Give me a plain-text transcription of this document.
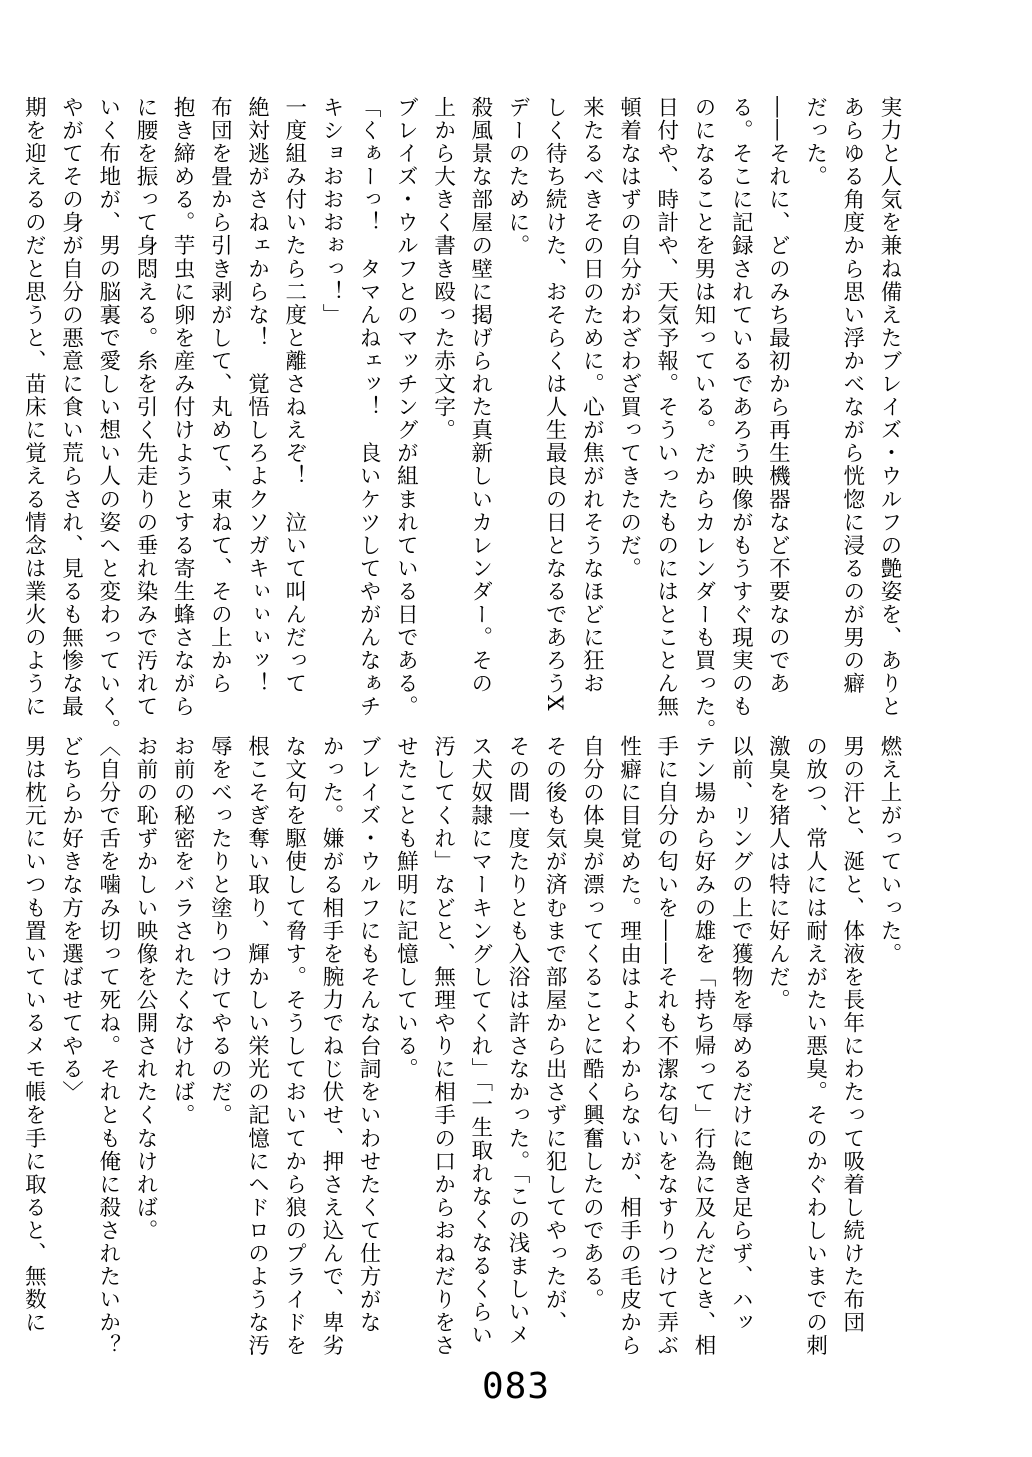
実力と人気を兼ね備えたブレイズ・ウルフの艶姿を、ありと
あらゆる角度から思い浮かべながら恍惚に浸るのが男の癖
だった。
――それに、どのみち最初から再生機器など不要なのであ
る。そこに記録されているであろう映像がもうすぐ現実のも
のになることを男は知っている。だからカレンダーも買った。
日付や、時計や、天気予報。そういったものにはとことん無
頓着なはずの自分がわざわざ買ってきたのだ。
来たるべきその日のために。心が焦がれそうなほどに狂お
しく待ち続けた、おそらくは人生最良の日となるであろうX
デーのために。
殺風景な部屋の壁に掲げられた真新しいカレンダー。その
上から大きく書き殴った赤文字。
ブレイズ・ウルフとのマッチングが組まれている日である。
「くぁーっ！　タマんねェッ！　良いケツしてやがんなぁチ
キショおおおぉっ！」
一度組み付いたら二度と離さねえぞ！　泣いて叫んだって
絶対逃がさねェからな！　覚悟しろよクソガキぃぃぃッ！
布団を畳から引き剥がして、丸めて、束ねて、その上から
抱き締める。芋虫に卵を産み付けようとする寄生蜂さながら
に腰を振って身悶える。糸を引く先走りの垂れ染みで汚れて
いく布地が、男の脳裏で愛しい想い人の姿へと変わっていく。
やがてその身が自分の悪意に食い荒らされ、見るも無惨な最
期を迎えるのだと思うと、苗床に覚える情念は業火のように
燃え上がっていった。
男の汗と、涎と、体液を長年にわたって吸着し続けた布団
の放つ、常人には耐えがたい悪臭。そのかぐわしいまでの刺
激臭を猪人は特に好んだ。
以前、リングの上で獲物を辱めるだけに飽き足らず、ハッ
テン場から好みの雄を「持ち帰って」行為に及んだとき、相
手に自分の匂いを――それも不潔な匂いをなすりつけて弄ぶ
性癖に目覚めた。理由はよくわからないが、相手の毛皮から
自分の体臭が漂ってくることに酷く興奮したのである。
その後も気が済むまで部屋から出さずに犯してやったが、
その間一度たりとも入浴は許さなかった。「この浅ましいメ
ス犬奴隷にマーキングしてくれ」「一生取れなくなるくらい
汚してくれ」などと、無理やりに相手の口からおねだりをさ
せたことも鮮明に記憶している。
ブレイズ・ウルフにもそんな台詞をいわせたくて仕方がな
かった。嫌がる相手を腕力でねじ伏せ、押さえ込んで、卑劣
な文句を駆使して脅す。そうしておいてから狼のプライドを
根こそぎ奪い取り、輝かしい栄光の記憶にヘドロのような汚
辱をべったりと塗りつけてやるのだ。
お前の秘密をバラされたくなければ。
お前の恥ずかしい映像を公開されたくなければ。
〈自分で舌を噛み切って死ね。それとも俺に殺されたいか？
どちらか好きな方を選ばせてやる〉
男は枕元にいつも置いているメモ帳を手に取ると、無数に
083
